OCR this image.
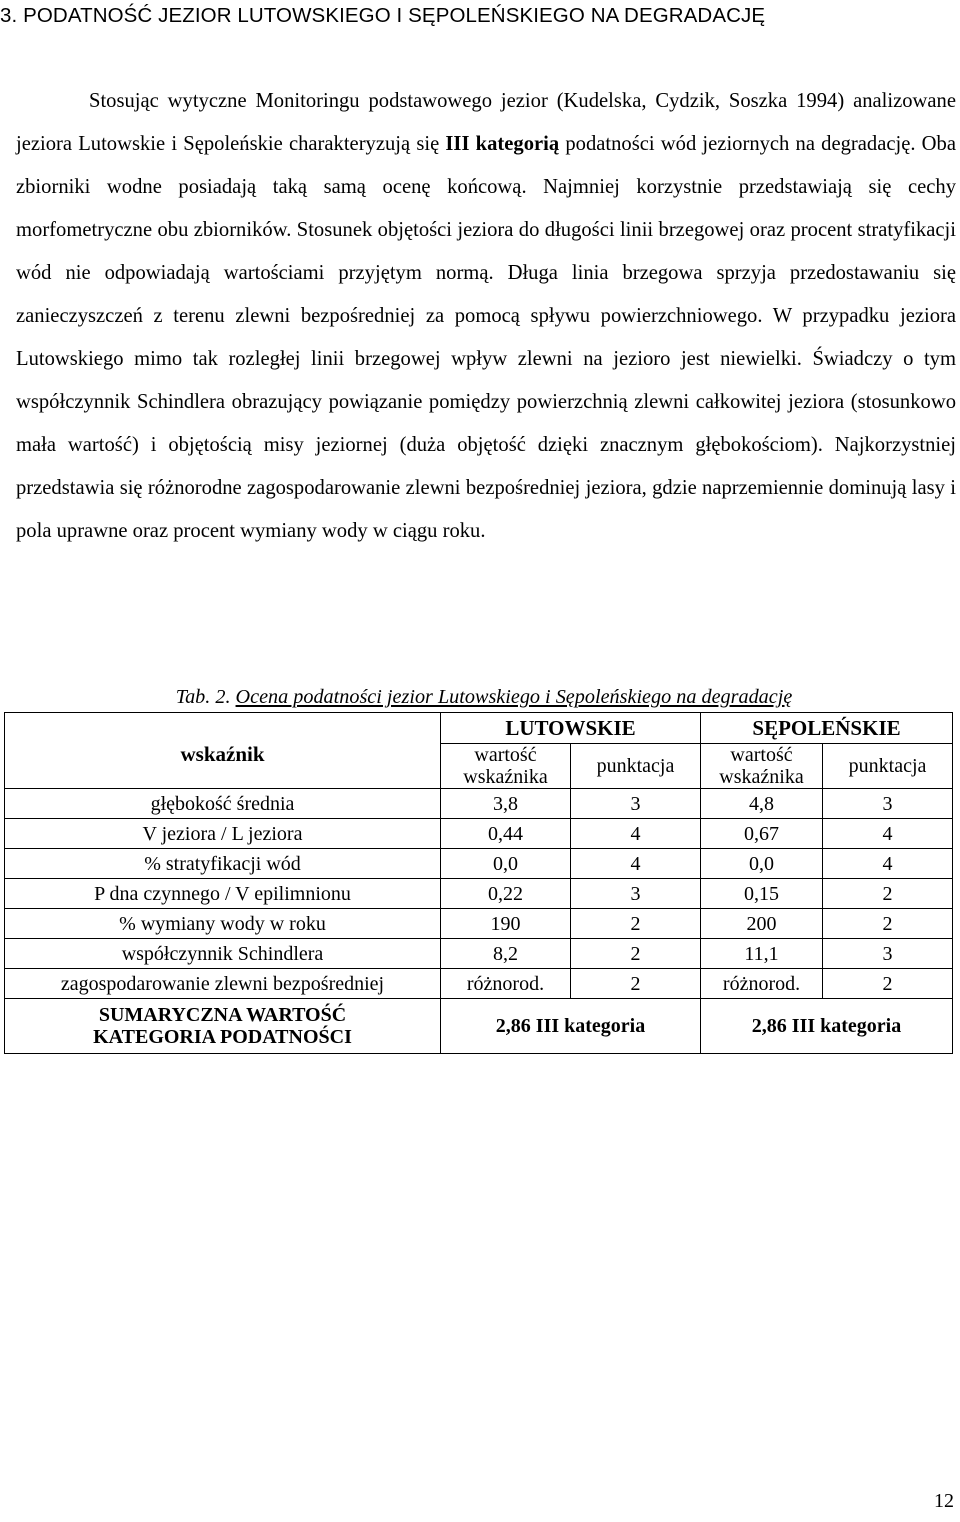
3. PODATNOŚĆ JEZIOR LUTOWSKIEGO I SĘPOLEŃSKIEGO NA DEGRADACJĘ

Stosując wytyczne Monitoringu podstawowego jezior (Kudelska, Cydzik, Soszka 1994) analizowane jeziora Lutowskie i Sępoleńskie charakteryzują się III kategorią podatności wód jeziornych na degradację. Oba zbiorniki wodne posiadają taką samą ocenę końcową. Najmniej korzystnie przedstawiają się cechy morfometryczne obu zbiorników. Stosunek objętości jeziora do długości linii brzegowej oraz procent stratyfikacji wód nie odpowiadają wartościami przyjętym normą. Długa linia brzegowa sprzyja przedostawaniu się zanieczyszczeń z terenu zlewni bezpośredniej za pomocą spływu powierzchniowego. W przypadku jeziora Lutowskiego mimo tak rozległej linii brzegowej wpływ zlewni na jezioro jest niewielki. Świadczy o tym współczynnik Schindlera obrazujący powiązanie pomiędzy powierzchnią zlewni całkowitej jeziora (stosunkowo mała wartość) i objętością misy jeziornej (duża objętość dzięki znacznym głębokościom). Najkorzystniej przedstawia się różnorodne zagospodarowanie zlewni bezpośredniej jeziora, gdzie naprzemiennie dominują lasy i pola uprawne oraz procent wymiany wody w ciągu roku.

Tab. 2. Ocena podatności jezior Lutowskiego i Sępoleńskiego na degradację
wskaźnik	LUTOWSKIE		SĘPOLEŃSKIE	
	wartość wskaźnika	punktacja	wartość wskaźnika	punktacja
głębokość średnia	3,8	3	4,8	3
V jeziora / L jeziora	0,44	4	0,67	4
% stratyfikacji wód	0,0	4	0,0	4
P dna czynnego / V epilimnionu	0,22	3	0,15	2
% wymiany wody w roku	190	2	200	2
współczynnik Schindlera	8,2	2	11,1	3
zagospodarowanie zlewni bezpośredniej	różnorod.	2	różnorod.	2
SUMARYCZNA WARTOŚĆ
KATEGORIA PODATNOŚCI	2,86 III kategoria		2,86 III kategoria	
12
